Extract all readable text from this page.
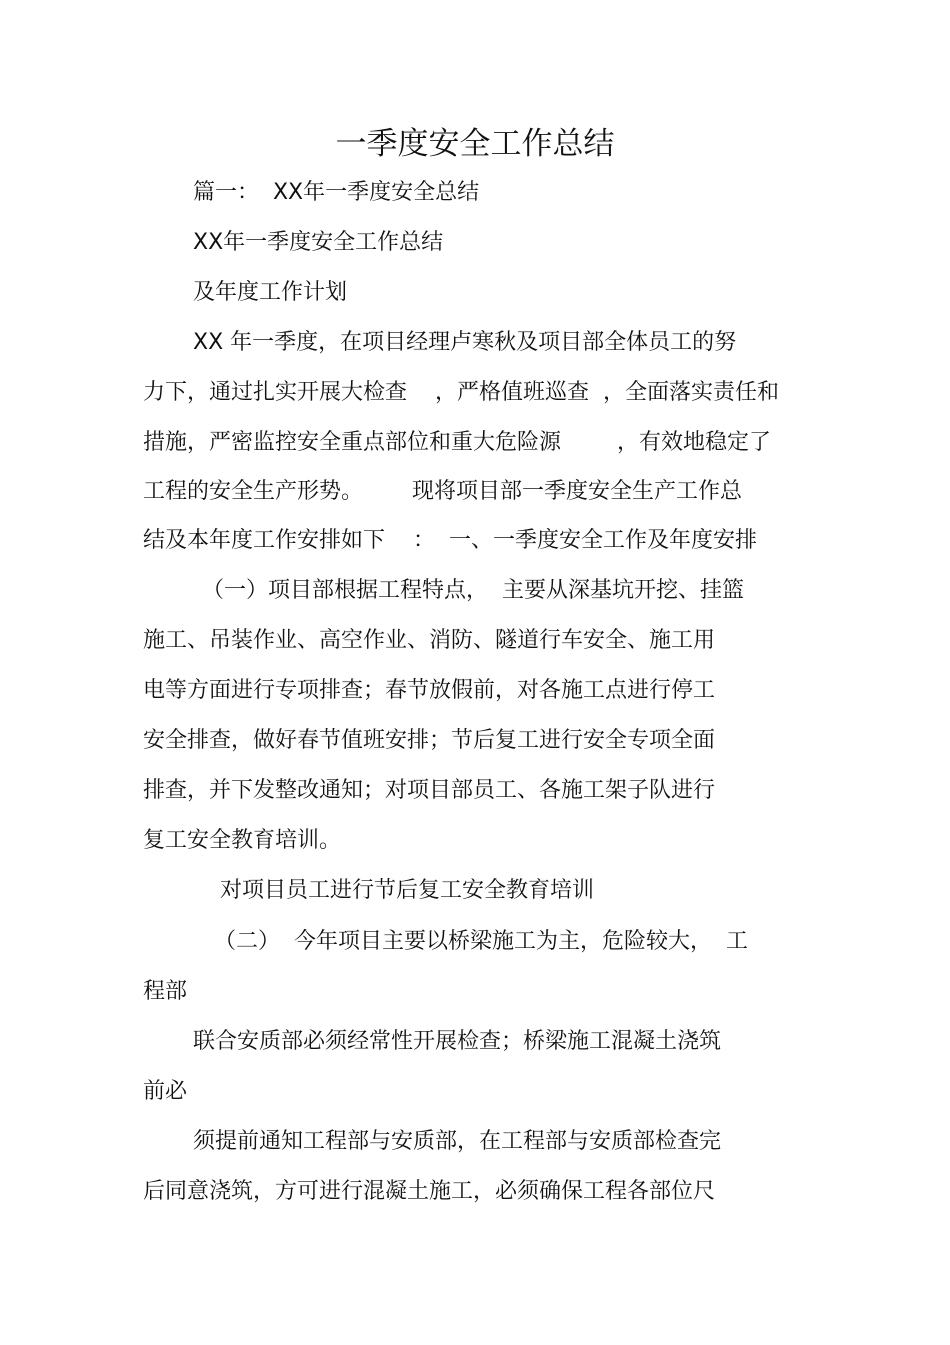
一季度安全工作总结
篇一：  XX年一季度安全总结
XX年一季度安全工作总结
及年度工作计划
XX 年一季度，在项目经理卢寒秋及项目部全体员工的努
力下，通过扎实开展大检查    ，严格值班巡查  ，全面落实责任和
措施，严密监控安全重点部位和重大危险源        ，有效地稳定了
工程的安全生产形势。       现将项目部一季度安全生产工作总
结及本年度工作安排如下    ：  一、一季度安全工作及年度安排
（一）项目部根据工程特点，  主要从深基坑开挖、挂篮
施工、吊装作业、高空作业、消防、隧道行车安全、施工用
电等方面进行专项排查；春节放假前，对各施工点进行停工
安全排查，做好春节值班安排；节后复工进行安全专项全面
排查，并下发整改通知；对项目部员工、各施工架子队进行
复工安全教育培训。
对项目员工进行节后复工安全教育培训
（二）  今年项目主要以桥梁施工为主，危险较大，  工
程部
联合安质部必须经常性开展检查；桥梁施工混凝土浇筑
前必
须提前通知工程部与安质部，在工程部与安质部检查完
后同意浇筑，方可进行混凝土施工，必须确保工程各部位尺
